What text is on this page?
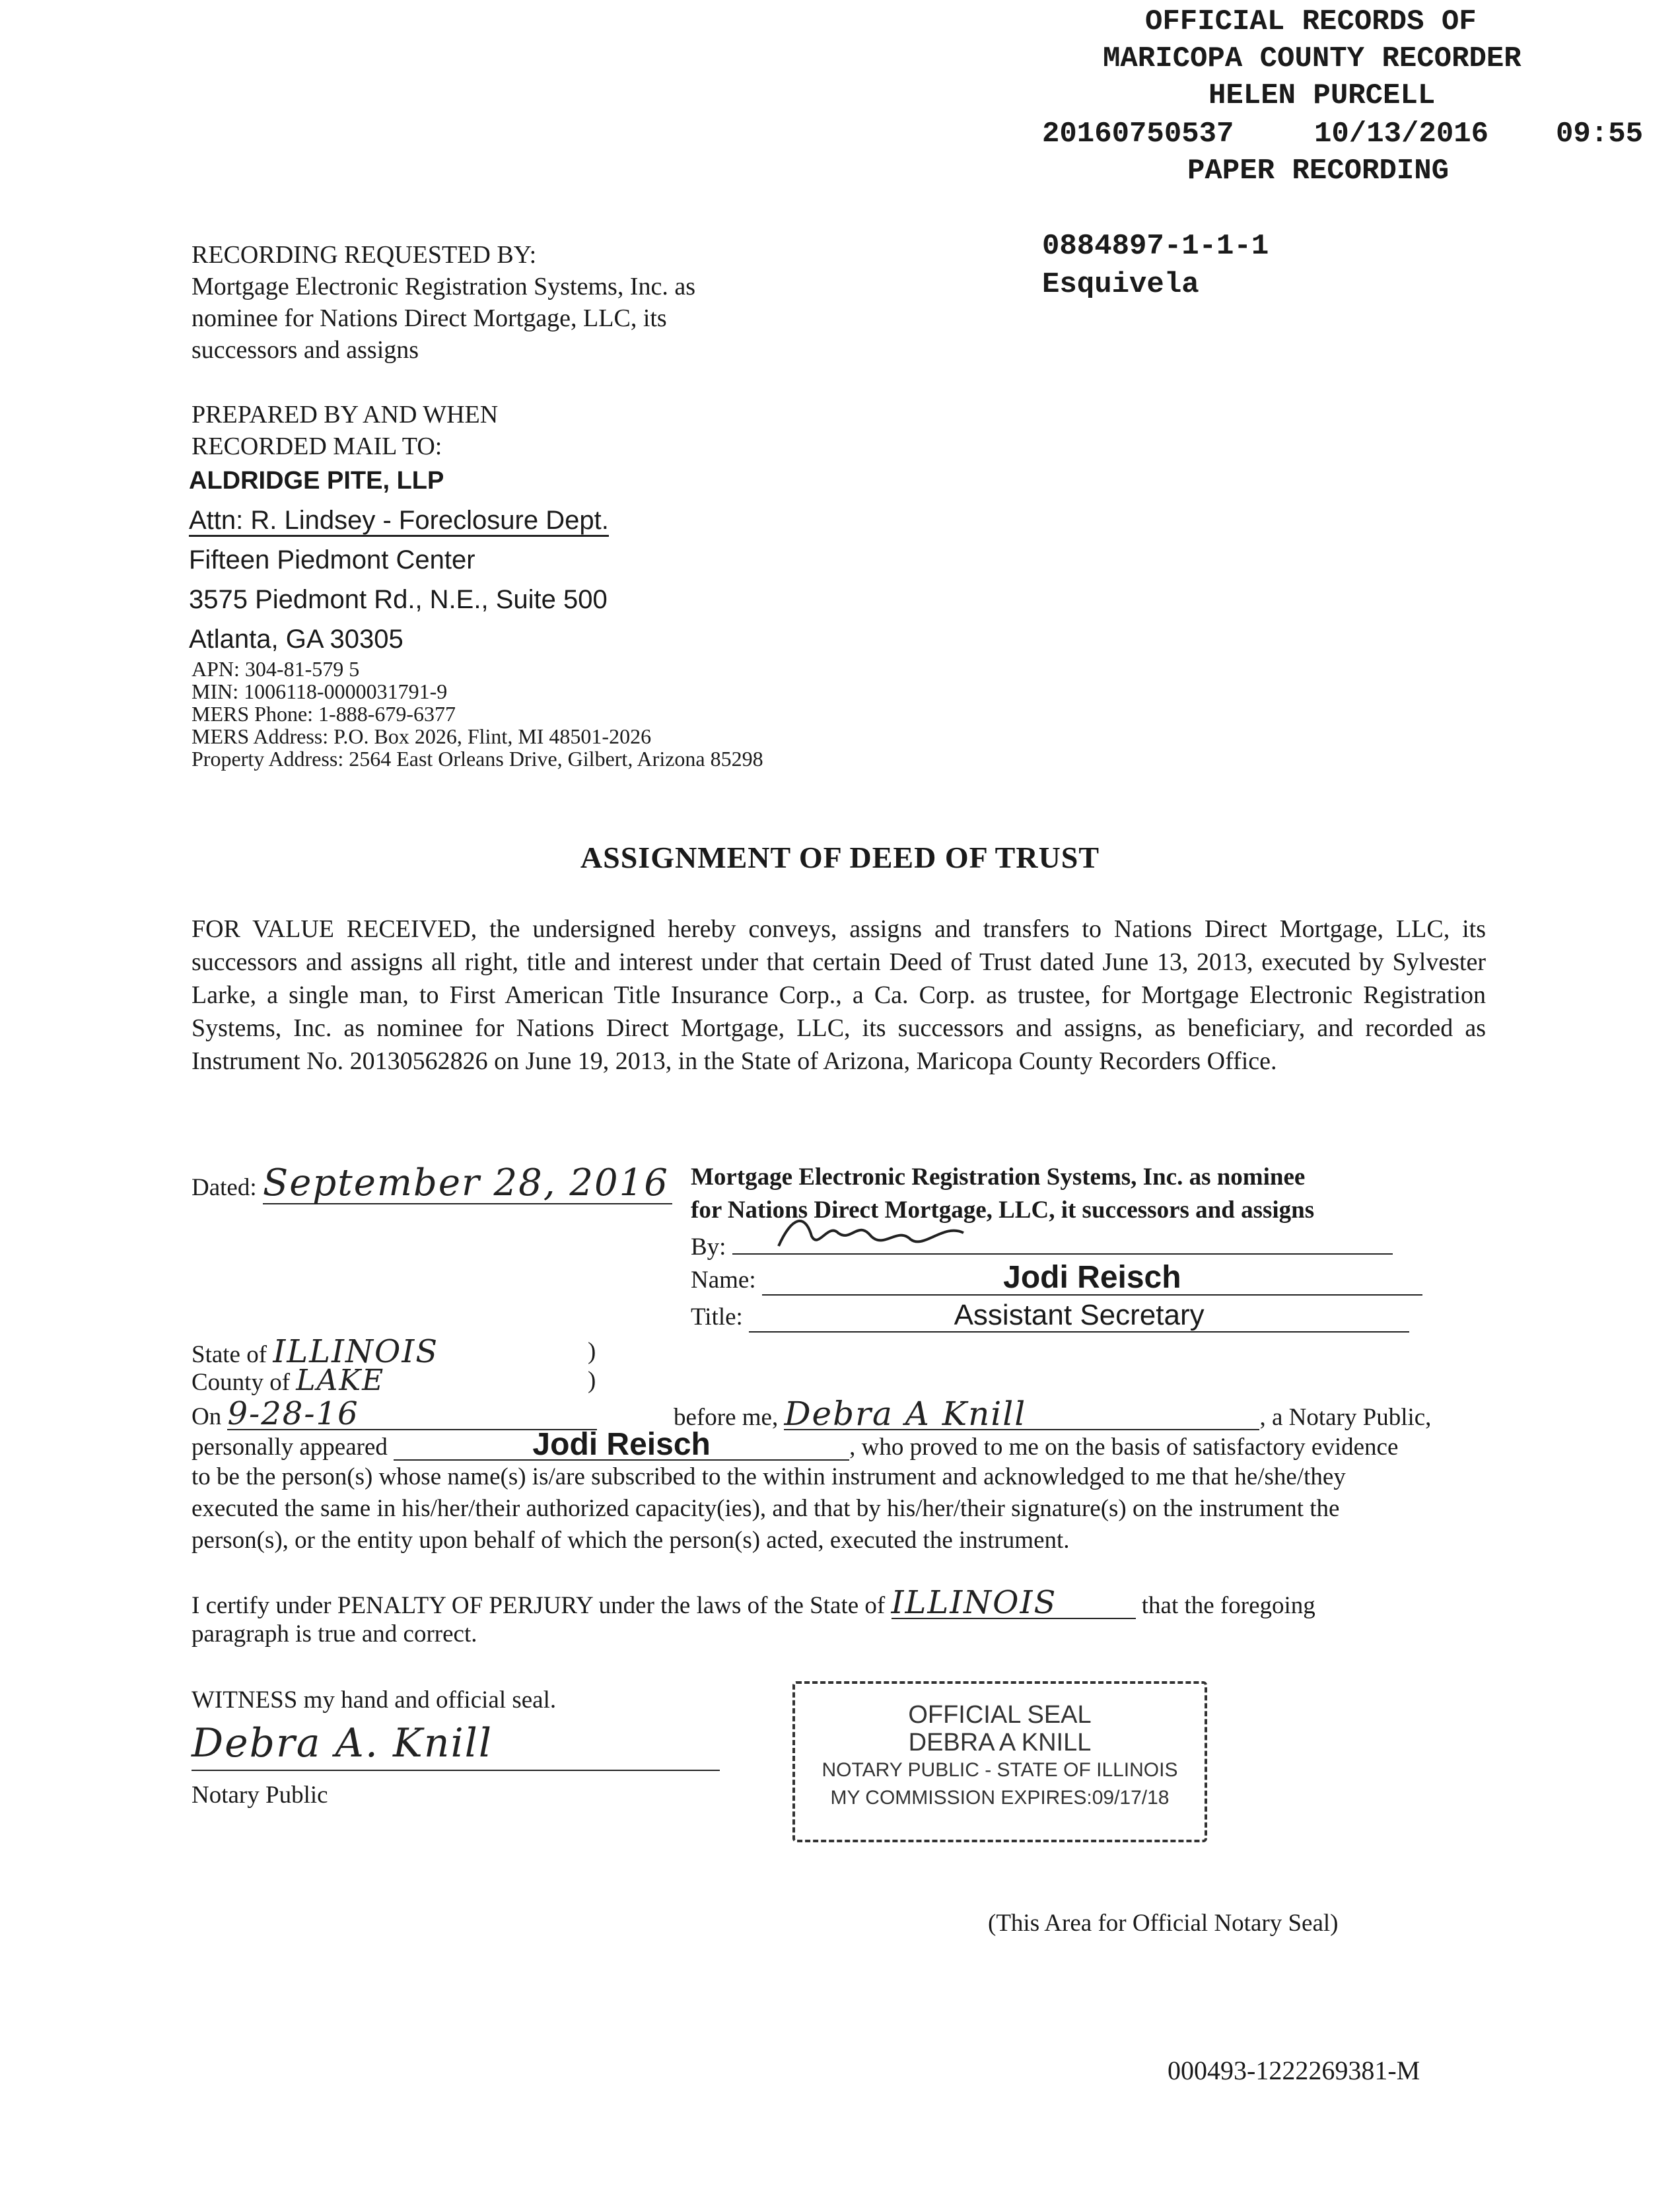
OFFICIAL RECORDS OF
MARICOPA COUNTY RECORDER
HELEN PURCELL
20160750537	10/13/2016 09:55
PAPER RECORDING
0884897-1-1-1
Esquivela
RECORDING REQUESTED BY:
Mortgage Electronic Registration Systems, Inc. as
nominee for Nations Direct Mortgage, LLC, its
successors and assigns
PREPARED BY AND WHEN
RECORDED MAIL TO:
ALDRIDGE PITE, LLP
Attn: R. Lindsey - Foreclosure Dept.
Fifteen Piedmont Center
3575 Piedmont Rd., N.E., Suite 500
Atlanta, GA 30305
APN: 304-81-579 5
MIN: 1006118-0000031791-9
MERS Phone: 1-888-679-6377
MERS Address: P.O. Box 2026, Flint, MI 48501-2026
Property Address: 2564 East Orleans Drive, Gilbert, Arizona 85298
ASSIGNMENT OF DEED OF TRUST
FOR VALUE RECEIVED, the undersigned hereby conveys, assigns and transfers to Nations Direct Mortgage, LLC, its successors and assigns all right, title and interest under that certain Deed of Trust dated June 13, 2013, executed by Sylvester Larke, a single man, to First American Title Insurance Corp., a Ca. Corp. as trustee, for Mortgage Electronic Registration Systems, Inc. as nominee for Nations Direct Mortgage, LLC, its successors and assigns, as beneficiary, and recorded as Instrument No. 20130562826 on June 19, 2013, in the State of Arizona, Maricopa County Recorders Office.
Dated: September 28, 2016 Mortgage Electronic Registration Systems, Inc. as nominee
for Nations Direct Mortgage, LLC, it successors and assigns
By:
Name:	Jodi Reisch
Title:	Assistant Secretary
State of ILLINOIS	)
County of LAKE	)
On 9-28-16	before me, Debra A Knill	, a Notary Public,
personally appeared	Jodi Reisch	, who proved to me on the basis of satisfactory evidence
to be the person(s) whose name(s) is/are subscribed to the within instrument and acknowledged to me that he/she/they
executed the same in his/her/their authorized capacity(ies), and that by his/her/their signature(s) on the instrument the
person(s), or the entity upon behalf of which the person(s) acted, executed the instrument.
I certify under PENALTY OF PERJURY under the laws of the State of ILLINOIS	that the foregoing
paragraph is true and correct.
WITNESS my hand and official seal.
Debra A. Knill
Notary Public
OFFICIAL SEAL
DEBRA A KNILL
NOTARY PUBLIC - STATE OF ILLINOIS
MY COMMISSION EXPIRES:09/17/18
(This Area for Official Notary Seal)
000493-1222269381-M
